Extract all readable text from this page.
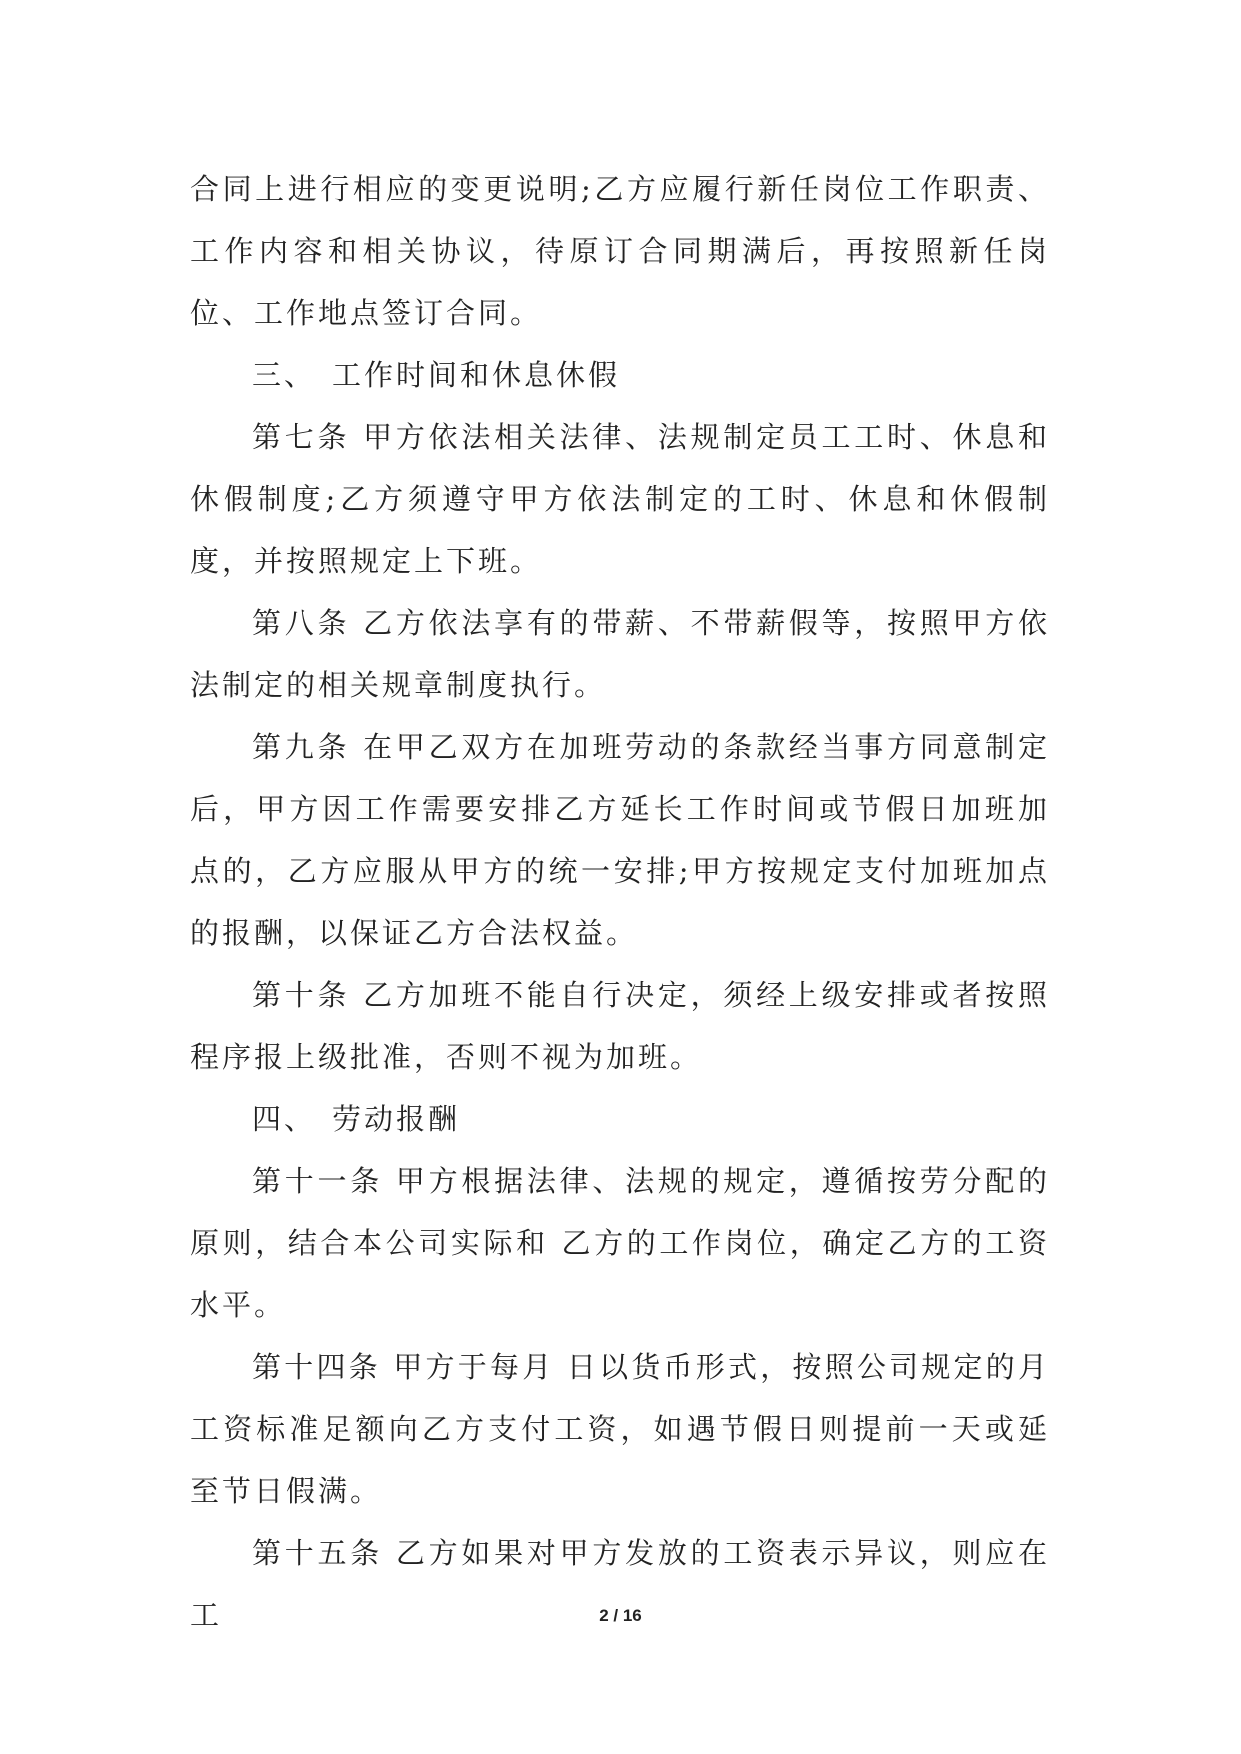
合同上进行相应的变更说明;乙方应履行新任岗位工作职责、工作内容和相关协议，待原订合同期满后，再按照新任岗位、工作地点签订合同。

三、 工作时间和休息休假

第七条 甲方依法相关法律、法规制定员工工时、休息和休假制度;乙方须遵守甲方依法制定的工时、休息和休假制度，并按照规定上下班。

第八条 乙方依法享有的带薪、不带薪假等，按照甲方依法制定的相关规章制度执行。

第九条 在甲乙双方在加班劳动的条款经当事方同意制定后，甲方因工作需要安排乙方延长工作时间或节假日加班加点的，乙方应服从甲方的统一安排;甲方按规定支付加班加点的报酬，以保证乙方合法权益。

第十条 乙方加班不能自行决定，须经上级安排或者按照程序报上级批准，否则不视为加班。

四、 劳动报酬

第十一条 甲方根据法律、法规的规定，遵循按劳分配的原则，结合本公司实际和 乙方的工作岗位，确定乙方的工资水平。

第十四条 甲方于每月 日以货币形式，按照公司规定的月工资标准足额向乙方支付工资，如遇节假日则提前一天或延至节日假满。

第十五条 乙方如果对甲方发放的工资表示异议，则应在工	2 / 16
